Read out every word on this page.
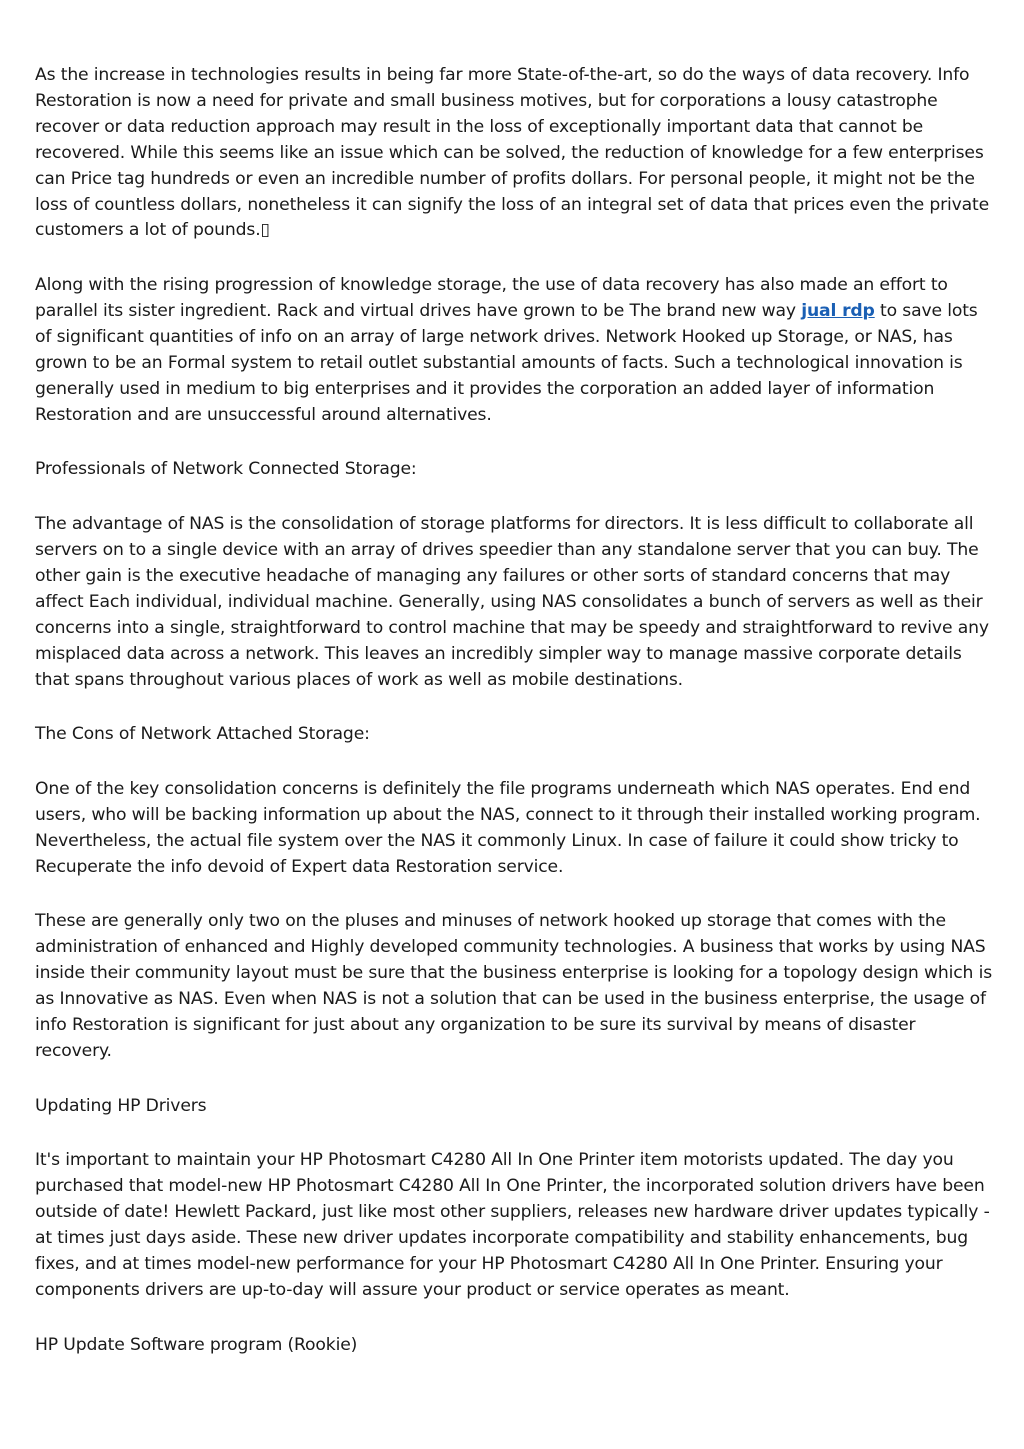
As the increase in technologies results in being far more State-of-the-art, so do the ways of data recovery. Info Restoration is now a need for private and small business motives, but for corporations a lousy catastrophe recover or data reduction approach may result in the loss of exceptionally important data that cannot be recovered. While this seems like an issue which can be solved, the reduction of knowledge for a few enterprises can Price tag hundreds or even an incredible number of profits dollars. For personal people, it might not be the loss of countless dollars, nonetheless it can signify the loss of an integral set of data that prices even the private customers a lot of pounds.▯

Along with the rising progression of knowledge storage, the use of data recovery has also made an effort to parallel its sister ingredient. Rack and virtual drives have grown to be The brand new way jual rdp to save lots of significant quantities of info on an array of large network drives. Network Hooked up Storage, or NAS, has grown to be an Formal system to retail outlet substantial amounts of facts. Such a technological innovation is generally used in medium to big enterprises and it provides the corporation an added layer of information Restoration and are unsuccessful around alternatives.

Professionals of Network Connected Storage:

The advantage of NAS is the consolidation of storage platforms for directors. It is less difficult to collaborate all servers on to a single device with an array of drives speedier than any standalone server that you can buy. The other gain is the executive headache of managing any failures or other sorts of standard concerns that may affect Each individual, individual machine. Generally, using NAS consolidates a bunch of servers as well as their concerns into a single, straightforward to control machine that may be speedy and straightforward to revive any misplaced data across a network. This leaves an incredibly simpler way to manage massive corporate details that spans throughout various places of work as well as mobile destinations.

The Cons of Network Attached Storage:

One of the key consolidation concerns is definitely the file programs underneath which NAS operates. End end users, who will be backing information up about the NAS, connect to it through their installed working program. Nevertheless, the actual file system over the NAS it commonly Linux. In case of failure it could show tricky to Recuperate the info devoid of Expert data Restoration service.

These are generally only two on the pluses and minuses of network hooked up storage that comes with the administration of enhanced and Highly developed community technologies. A business that works by using NAS inside their community layout must be sure that the business enterprise is looking for a topology design which is as Innovative as NAS. Even when NAS is not a solution that can be used in the business enterprise, the usage of info Restoration is significant for just about any organization to be sure its survival by means of disaster recovery.

Updating HP Drivers

It's important to maintain your HP Photosmart C4280 All In One Printer item motorists updated. The day you purchased that model-new HP Photosmart C4280 All In One Printer, the incorporated solution drivers have been outside of date! Hewlett Packard, just like most other suppliers, releases new hardware driver updates typically - at times just days aside. These new driver updates incorporate compatibility and stability enhancements, bug fixes, and at times model-new performance for your HP Photosmart C4280 All In One Printer. Ensuring your components drivers are up-to-day will assure your product or service operates as meant.

HP Update Software program (Rookie)
